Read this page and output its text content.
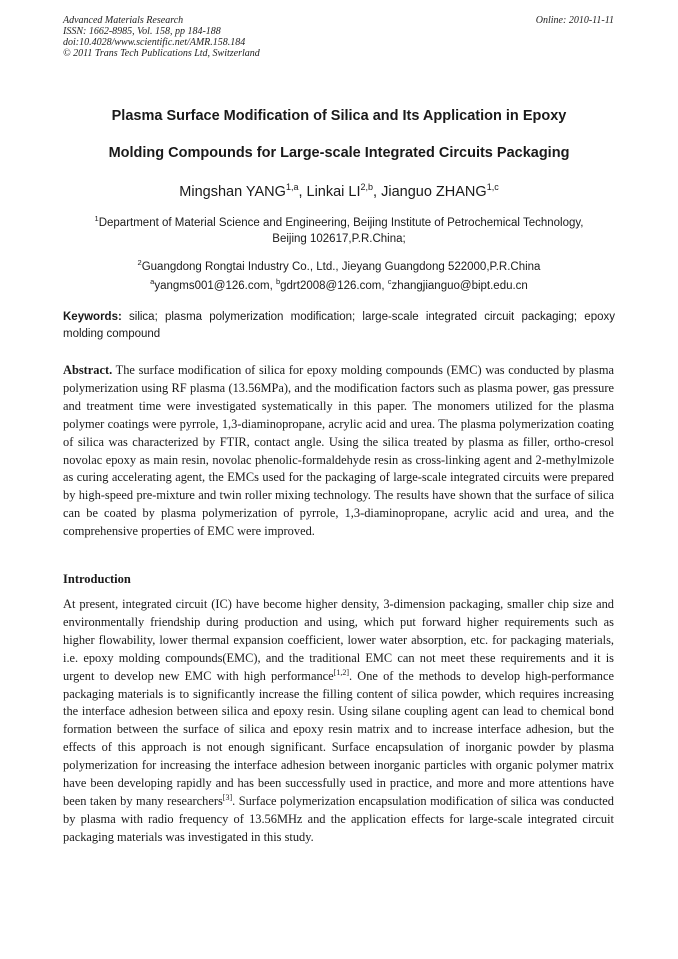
Advanced Materials Research
ISSN: 1662-8985, Vol. 158, pp 184-188
doi:10.4028/www.scientific.net/AMR.158.184
© 2011 Trans Tech Publications Ltd, Switzerland
Online: 2010-11-11
Plasma Surface Modification of Silica and Its Application in Epoxy
Molding Compounds for Large-scale Integrated Circuits Packaging
Mingshan YANG$^{1,a}$, Linkai LI$^{2,b}$, Jianguo ZHANG$^{1,c}$
$^1$Department of Material Science and Engineering, Beijing Institute of Petrochemical Technology,
Beijing 102617,P.R.China;
$^2$Guangdong Rongtai Industry Co., Ltd., Jieyang Guangdong 522000,P.R.China
$^a$yangms001@126.com, $^b$gdrt2008@126.com, $^c$zhangjianguo@bipt.edu.cn
Keywords: silica; plasma polymerization modification; large-scale integrated circuit packaging; epoxy molding compound
Abstract. The surface modification of silica for epoxy molding compounds (EMC) was conducted by plasma polymerization using RF plasma (13.56MPa), and the modification factors such as plasma power, gas pressure and treatment time were investigated systematically in this paper. The monomers utilized for the plasma polymer coatings were pyrrole, 1,3-diaminopropane, acrylic acid and urea. The plasma polymerization coating of silica was characterized by FTIR, contact angle. Using the silica treated by plasma as filler, ortho-cresol novolac epoxy as main resin, novolac phenolic-formaldehyde resin as cross-linking agent and 2-methylmizole as curing accelerating agent, the EMCs used for the packaging of large-scale integrated circuits were prepared by high-speed pre-mixture and twin roller mixing technology. The results have shown that the surface of silica can be coated by plasma polymerization of pyrrole, 1,3-diaminopropane, acrylic acid and urea, and the comprehensive properties of EMC were improved.
Introduction
At present, integrated circuit (IC) have become higher density, 3-dimension packaging, smaller chip size and environmentally friendship during production and using, which put forward higher requirements such as higher flowability, lower thermal expansion coefficient, lower water absorption, etc. for packaging materials, i.e. epoxy molding compounds(EMC), and the traditional EMC can not meet these requirements and it is urgent to develop new EMC with high performance[1,2]. One of the methods to develop high-performance packaging materials is to significantly increase the filling content of silica powder, which requires increasing the interface adhesion between silica and epoxy resin. Using silane coupling agent can lead to chemical bond formation between the surface of silica and epoxy resin matrix and to increase interface adhesion, but the effects of this approach is not enough significant. Surface encapsulation of inorganic powder by plasma polymerization for increasing the interface adhesion between inorganic particles with organic polymer matrix have been developing rapidly and has been successfully used in practice, and more and more attentions have been taken by many researchers[3]. Surface polymerization encapsulation modification of silica was conducted by plasma with radio frequency of 13.56MHz and the application effects for large-scale integrated circuit packaging materials was investigated in this study.
